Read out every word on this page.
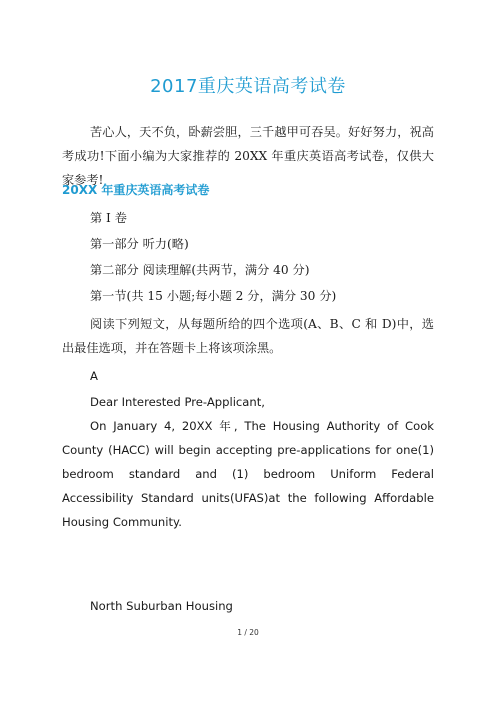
2017重庆英语高考试卷
苦心人，天不负，卧薪尝胆，三千越甲可吞吴。好好努力，祝高考成功!下面小编为大家推荐的 20XX 年重庆英语高考试卷，仅供大家参考!
20XX 年重庆英语高考试卷
第 I 卷
第一部分 听力(略)
第二部分 阅读理解(共两节，满分 40 分)
第一节(共 15 小题;每小题 2 分，满分 30 分)
阅读下列短文，从每题所给的四个选项(A、B、C 和 D)中，选出最佳选项，并在答题卡上将该项涂黑。
A
Dear Interested Pre-Applicant,
On January 4, 20XX 年, The Housing Authority of Cook County (HACC) will begin accepting pre-applications for one(1) bedroom standard and (1) bedroom Uniform Federal Accessibility Standard units(UFAS)at the following Affordable Housing Community.
North Suburban Housing
1 / 20
